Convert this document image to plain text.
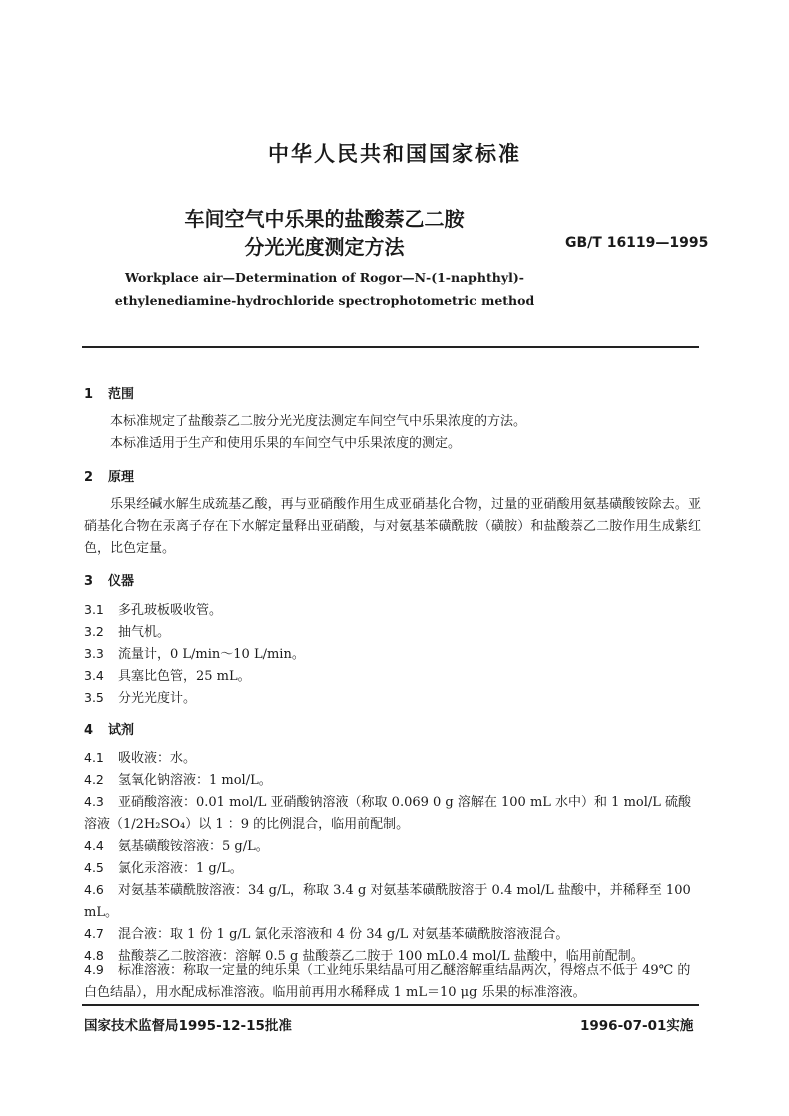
中华人民共和国国家标准
车间空气中乐果的盐酸萘乙二胺
分光光度测定方法	GB/T 16119—1995
Workplace air—Determination of Rogor—N-(1-naphthyl)-
ethylenediamine-hydrochloride spectrophotometric method
1 范围
本标准规定了盐酸萘乙二胺分光光度法测定车间空气中乐果浓度的方法。
本标准适用于生产和使用乐果的车间空气中乐果浓度的测定。
2 原理
乐果经碱水解生成巯基乙酸，再与亚硝酸作用生成亚硝基化合物，过量的亚硝酸用氨基磺酸铵除去。亚硝基化合物在汞离子存在下水解定量释出亚硝酸，与对氨基苯磺酰胺（磺胺）和盐酸萘乙二胺作用生成紫红色，比色定量。
3 仪器
3.1 多孔玻板吸收管。
3.2 抽气机。
3.3 流量计，0 L/min～10 L/min。
3.4 具塞比色管，25 mL。
3.5 分光光度计。
4 试剂
4.1 吸收液：水。
4.2 氢氧化钠溶液：1 mol/L。
4.3 亚硝酸溶液：0.01 mol/L 亚硝酸钠溶液（称取 0.069 0 g 溶解在 100 mL 水中）和 1 mol/L 硫酸溶液（1/2H₂SO₄）以 1 ：9 的比例混合，临用前配制。
4.4 氨基磺酸铵溶液：5 g/L。
4.5 氯化汞溶液：1 g/L。
4.6 对氨基苯磺酰胺溶液：34 g/L，称取 3.4 g 对氨基苯磺酰胺溶于 0.4 mol/L 盐酸中，并稀释至 100 mL。
4.7 混合液：取 1 份 1 g/L 氯化汞溶液和 4 份 34 g/L 对氨基苯磺酰胺溶液混合。
4.8 盐酸萘乙二胺溶液：溶解 0.5 g 盐酸萘乙二胺于 100 mL0.4 mol/L 盐酸中，临用前配制。
4.9 标准溶液：称取一定量的纯乐果（工业纯乐果结晶可用乙醚溶解重结晶两次，得熔点不低于 49℃ 的白色结晶），用水配成标准溶液。临用前再用水稀释成 1 mL＝10 μg 乐果的标准溶液。
国家技术监督局1995-12-15批准	1996-07-01实施
